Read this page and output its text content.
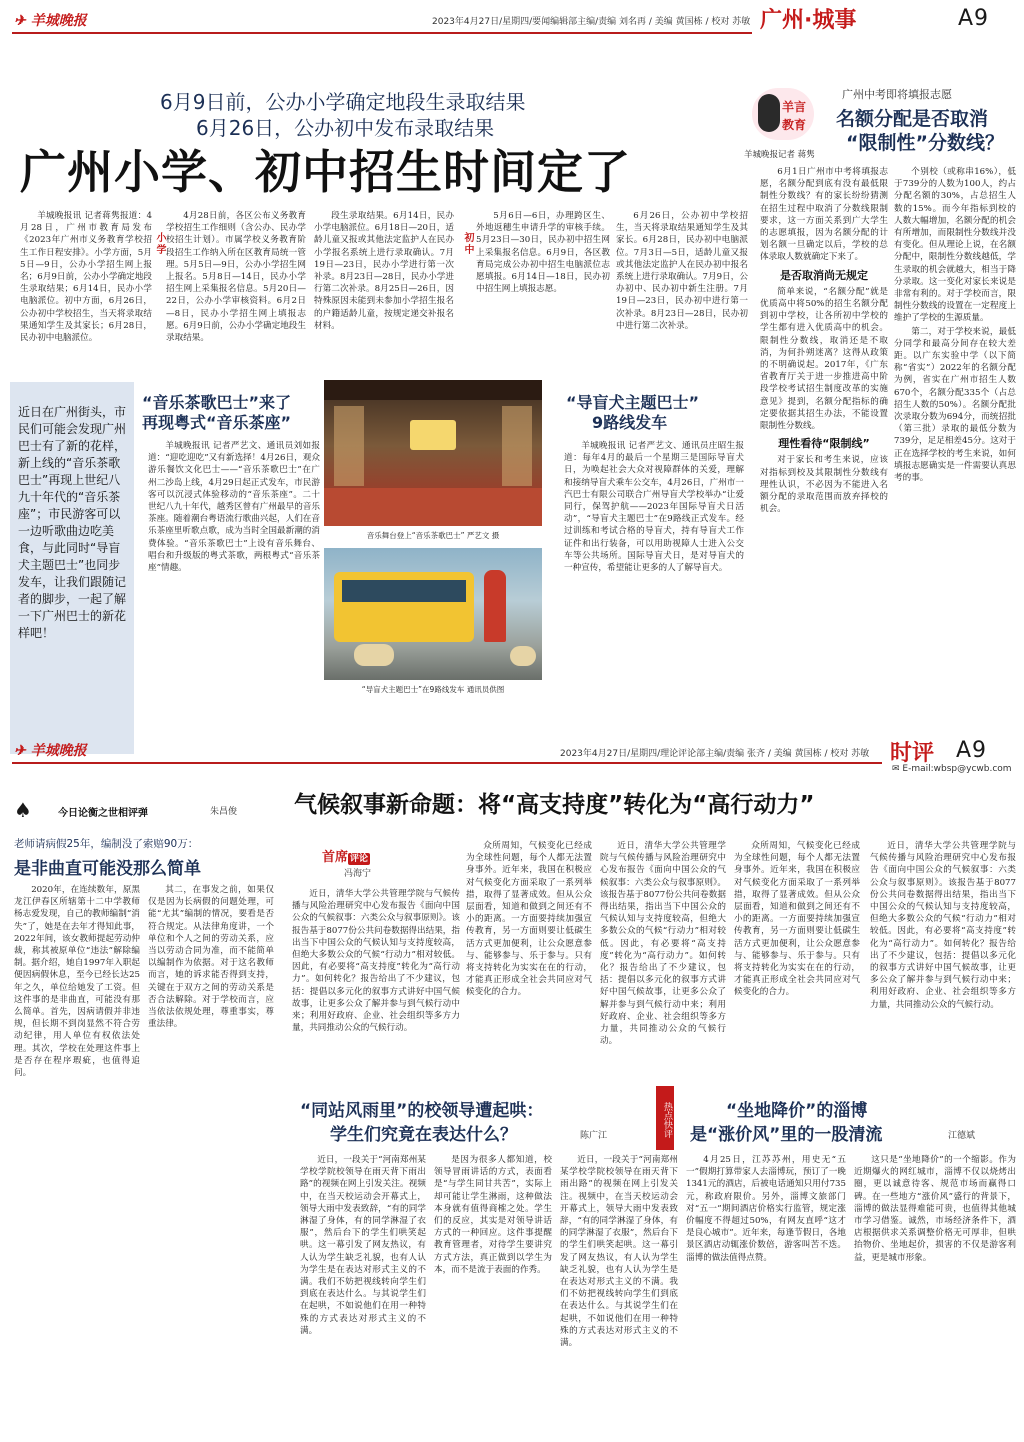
✈ 羊城晚报	2023年4月27日/星期四/要闻编辑部主编/责编 刘名再 / 美编 黄国栋 / 校对 苏敏 广州·城事	A9
6月9日前，公办小学确定地段生录取结果
6月26日，公办初中发布录取结果
广州小学、初中招生时间定了

羊城晚报讯 记者蒋隽报道：4月28日，广州市教育局发布《2023年广州市义务教育学校招生工作日程安排》。小学方面，5月5日—9日，公办小学招生网上报名；6月9日前，公办小学确定地段生录取结果；6月14日，民办小学电脑派位。初中方面，6月26日，公办初中学校招生，当天将录取结果通知学生及其家长；6月28日，民办初中电脑派位。

小学

4月28日前，各区公布义务教育学校招生工作细则（含公办、民办学校招生计划）。市属学校义务教育阶段招生工作纳入所在区教育局统一管理。5月5日—9日，公办小学招生网上报名。5月8日—14日，民办小学招生网上采集报名信息。5月20日—22日，公办小学审核资料。6月2日—8日，民办小学招生网上填报志愿。6月9日前，公办小学确定地段生录取结果。

段生录取结果。6月14日，民办小学电脑派位。6月18日—20日，适龄儿童又报或其他法定监护人在民办小学报名系统上进行录取确认。7月19日—23日，民办小学进行第一次补录。8月23日—28日，民办小学进行第二次补录。8月25日—26日，因特殊原因未能到未参加小学招生报名的户籍适龄儿童，按规定递交补报名材料。

初中

5月6日—6日，办理跨区生、外地返穗生申请升学的审核手续。5月23日—30日，民办初中招生网上采集报名信息。6月9日，各区教育局完成公办初中招生电脑派位志愿填报。6月14日—18日，民办初中招生网上填报志愿。

6月26日，公办初中学校招生，当天将录取结果通知学生及其家长。6月28日，民办初中电脑派位。7月3日—5日，适龄儿童又报或其他法定监护人在民办初中报名系统上进行录取确认。7月9日，公办初中、民办初中新生注册。7月19日—23日，民办初中进行第一次补录。8月23日—28日，民办初中进行第二次补录。

羊言
教育
广州中考即将填报志愿
名额分配是否取消
“限制性”分数线？
羊城晚报记者 蒋隽

6月1日广州市中考将填报志愿，名额分配到底有没有最低限制性分数线？有的家长纷纷猜测在招生过程中取消了分数线限制要求，这一方面关系到广大学生的志愿填报，因为名额分配的计划名额一旦确定以后，学校的总体录取人数就确定下来了。

是否取消尚无规定

简单来说，“名额分配”就是优质高中将50%的招生名额分配到初中学校，让各所初中学校的学生都有进入优质高中的机会。限制性分数线，取消还是不取消，为何扑朔迷离？这得从政策的不明确说起。2017年，《广东省教育厅关于进一步推进高中阶段学校考试招生制度改革的实施意见》提到，名额分配指标的确定要依据其招生办法，不能设置限制性分数线。

理性看待“限制线”

对于家长和考生来说，应该对指标到校及其限制性分数线有理性认识，不必因为不能进入名额分配的录取范围而放弃择校的机会。

个别校（或称串16%），低于739分的人数为100人，约占分配名额的30%，占总招生人数的15%。而今年指标到校的人数大幅增加，名额分配的机会有所增加，而限制性分数线并没有变化。但从理论上说，在名额分配中，限制性分数线越低，学生录取的机会就越大，相当于降分录取。这一变化对家长来说是非常有利的。对于学校而言，限制性分数线的设置在一定程度上维护了学校的生源质量。

第二，对于学校来说，最低分同学和最高分间存在较大差距。以广东实验中学（以下简称“省实”）2022年的名额分配为例，省实在广州市招生人数670个，名额分配335个（占总招生人数的50%）。名额分配批次录取分数为694分，而统招批（第三批）录取的最低分数为739分，足足相差45分。这对于正在选择学校的考生来说，如何填报志愿确实是一件需要认真思考的事。

近日在广州街头，市民们可能会发现广州巴士有了新的花样，新上线的“音乐茶歌巴士”再现上世纪八九十年代的“音乐茶座”；市民游客可以一边听歌曲边吃美食，与此同时“导盲犬主题巴士”也同步发车，让我们跟随记者的脚步，一起了解一下广州巴士的新花样吧！
“音乐茶歌巴士”来了
再现粤式“音乐茶座”

羊城晚报讯 记者严艺文、通讯员刘如报道：“迎吃迎吃”又有新选择！4月26日，观众游乐餐饮文化巴士——“音乐茶歌巴士”在广州二沙岛上线，4月29日起正式发车，市民游客可以沉浸式体验移动的“音乐茶座”。二十世纪八九十年代，越秀区曾有广州最早的音乐茶座。随着潮台粤语流行歌曲兴起，人们在音乐茶座里听歌点歌，成为当时全国最新潮的消费体验。“音乐茶歌巴士”上设有音乐舞台、唱台和升级版的粤式茶歌，两根粤式“音乐茶座”情趣。

音乐舞台登上“音乐茶歌巴士” 严艺文 摄
“导盲犬主题巴士”在9路线发车 通讯员供图
“导盲犬主题巴士”
9路线发车

羊城晚报讯 记者严艺文、通讯员庄昭生报道：每年4月的最后一个星期三是国际导盲犬日，为唤起社会大众对视障群体的关爱，理解和接纳导盲犬乘车公交车，4月26日，广州市一汽巴士有限公司联合广州导盲犬学校举办“让爱同行，保驾护航——2023年国际导盲犬日活动”，“导盲犬主题巴士”在9路线正式发车。经过训练和考试合格的导盲犬，持有导盲犬工作证件和出行装备，可以用助视障人士进入公交车等公共场所。国际导盲犬日，是对导盲犬的一种宣传，希望能让更多的人了解导盲犬。

✈ 羊城晚报	2023年4月27日/星期四/理论评论部主编/责编 张齐 / 美编 黄国栋 / 校对 苏敏 时评 A9
✉ E-mail:wbsp@ycwb.com
♠	今日论衡之世相评弹	朱昌俊
老师请病假25年，编制没了索赔90万：
是非曲直可能没那么简单

2020年，在连续数年，原黑龙江伊春区所辖第十二中学教师杨志爱发现，自己的教师编制“消失”了，她是在去年才得知此事，2022年间，该女教师提起劳动仲裁，称其被原单位“违法”解除编制。据介绍，她自1997年入职起便因病假休息，至今已经长达25年之久，单位给她发了工资。但这件事的是非曲直，可能没有那么简单。首先，因病请假并非违规，但长期不到岗显然不符合劳动纪律，用人单位有权依法处理。其次，学校在处理这件事上是否存在程序瑕疵，也值得追问。

其二，在事发之前，如果仅仅是因为长病假的问题处理，可能“尤其”编制的情况，要看是否符合规定。从法律角度讲，一个单位和个人之间的劳动关系，应当以劳动合同为准，而不能简单以编制作为依据。对于这名教师而言，她的诉求能否得到支持，关键在于双方之间的劳动关系是否合法解除。对于学校而言，应当依法依规处理，尊重事实，尊重法律。

气候叙事新命题：将“高支持度”转化为“高行动力”
首席 评论
冯海宁

近日，清华大学公共管理学院与气候传播与风险治理研究中心发布报告《面向中国公众的气候叙事：六类公众与叙事原则》。该报告基于8077份公共问卷数据得出结果，指出当下中国公众的气候认知与支持度较高，但绝大多数公众的气候“行动力”相对较低。因此，有必要将“高支持度”转化为“高行动力”。如何转化？报告给出了不少建议，包括：提倡以多元化的叙事方式讲好中国气候故事，让更多公众了解并参与到气候行动中来；利用好政府、企业、社会组织等多方力量，共同推动公众的气候行动。

众所周知，气候变化已经成为全球性问题，每个人都无法置身事外。近年来，我国在积极应对气候变化方面采取了一系列举措，取得了显著成效。但从公众层面看，知道和做到之间还有不小的距离。一方面要持续加强宣传教育，另一方面则要让低碳生活方式更加便利，让公众愿意参与、能够参与、乐于参与。只有将支持转化为实实在在的行动，才能真正形成全社会共同应对气候变化的合力。

近日，清华大学公共管理学院与气候传播与风险治理研究中心发布报告《面向中国公众的气候叙事：六类公众与叙事原则》。该报告基于8077份公共问卷数据得出结果，指出当下中国公众的气候认知与支持度较高，但绝大多数公众的气候“行动力”相对较低。因此，有必要将“高支持度”转化为“高行动力”。如何转化？报告给出了不少建议，包括：提倡以多元化的叙事方式讲好中国气候故事，让更多公众了解并参与到气候行动中来；利用好政府、企业、社会组织等多方力量，共同推动公众的气候行动。

众所周知，气候变化已经成为全球性问题，每个人都无法置身事外。近年来，我国在积极应对气候变化方面采取了一系列举措，取得了显著成效。但从公众层面看，知道和做到之间还有不小的距离。一方面要持续加强宣传教育，另一方面则要让低碳生活方式更加便利，让公众愿意参与、能够参与、乐于参与。只有将支持转化为实实在在的行动，才能真正形成全社会共同应对气候变化的合力。

近日，清华大学公共管理学院与气候传播与风险治理研究中心发布报告《面向中国公众的气候叙事：六类公众与叙事原则》。该报告基于8077份公共问卷数据得出结果，指出当下中国公众的气候认知与支持度较高，但绝大多数公众的气候“行动力”相对较低。因此，有必要将“高支持度”转化为“高行动力”。如何转化？报告给出了不少建议，包括：提倡以多元化的叙事方式讲好中国气候故事，让更多公众了解并参与到气候行动中来；利用好政府、企业、社会组织等多方力量，共同推动公众的气候行动。

“同站风雨里”的校领导遭起哄：
学生们究竟在表达什么？	陈广江	热点快评

近日，一段关于“河南郑州某学校学院校领导在雨天背下雨出路”的视频在网上引发关注。视频中，在当天校运动会开幕式上，领导大雨中发表致辞，“有的同学淋湿了身体，有的同学淋湿了衣服”，然后台下的学生们哄笑起哄。这一幕引发了网友热议，有人认为学生缺乏礼貌，也有人认为学生是在表达对形式主义的不满。我们不妨把视线转向学生们到底在表达什么。与其说学生们在起哄，不如说他们在用一种特殊的方式表达对形式主义的不满。

是因为很多人都知道，校领导冒雨讲话的方式，表面看是“与学生同甘共苦”，实际上却可能让学生淋雨，这种做法本身就有值得商榷之处。学生们的反应，其实是对领导讲话方式的一种回应。这件事提醒教育管理者，对待学生要讲究方式方法，真正做到以学生为本，而不是流于表面的作秀。

近日，一段关于“河南郑州某学校学院校领导在雨天背下雨出路”的视频在网上引发关注。视频中，在当天校运动会开幕式上，领导大雨中发表致辞，“有的同学淋湿了身体，有的同学淋湿了衣服”，然后台下的学生们哄笑起哄。这一幕引发了网友热议，有人认为学生缺乏礼貌，也有人认为学生是在表达对形式主义的不满。我们不妨把视线转向学生们到底在表达什么。与其说学生们在起哄，不如说他们在用一种特殊的方式表达对形式主义的不满。

“坐地降价”的淄博
是“涨价风”里的一股清流	江德斌

4月25日，江苏苏州，用史无“五一”假期打算带家人去淄博玩，预订了一晚1341元的酒店，后被电话通知只用付735元，称政府限价。另外，淄博文旅部门对“五一”期间酒店价格实行监管，规定涨价幅度不得超过50%，有网友直呼“这才是良心城市”。近年来，每逢节假日，各地景区酒店动辄涨价数倍，游客叫苦不迭。淄博的做法值得点赞。

这只是“坐地降价”的一个缩影。作为近期爆火的网红城市，淄博不仅以烧烤出圈，更以诚意待客、规范市场而赢得口碑。在一些地方“涨价风”盛行的背景下，淄博的做法显得难能可贵，也值得其他城市学习借鉴。诚然，市场经济条件下，酒店根据供求关系调整价格无可厚非，但哄抬物价、坐地起价，损害的不仅是游客利益，更是城市形象。
